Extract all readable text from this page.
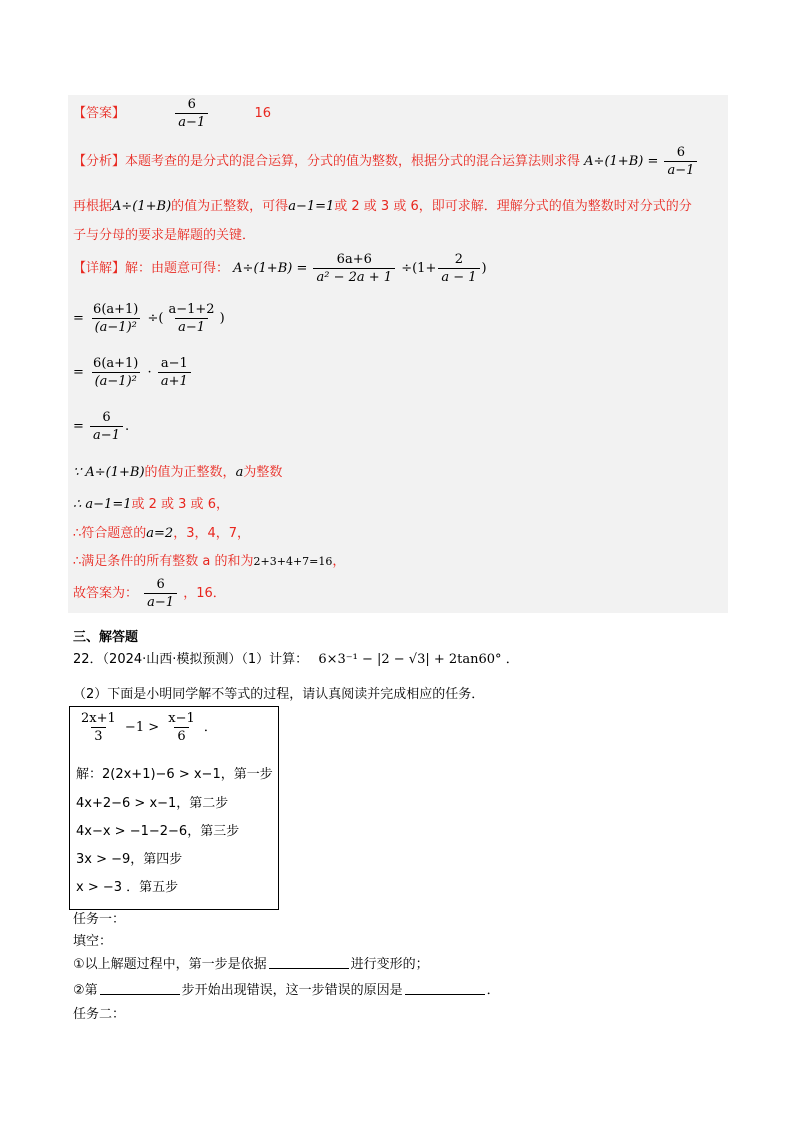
【答案】	$\frac{6}{a-1}$	16
【分析】本题考查的是分式的混合运算，分式的值为整数，根据分式的混合运算法则求得 $A\div(1+B) = \frac{6}{a-1}$
再根据A÷(1+B)的值为正整数，可得a−1=1或 2 或 3 或 6，即可求解．理解分式的值为整数时对分式的分
子与分母的要求是解题的关键．
【详解】解：由题意可得： $A\div(1+B) = \frac{6a+6}{\text{a² − 2a + 1}} \div(1+ \frac{2}{a - 1}$ )
= $\frac{6(a+1)}{\text{(a−1)²}}$ ÷( $\frac{a-1+2}{a-1}$ )
= $\frac{6(a+1)}{\text{(a−1)²}} \cdot \frac{a-1}{a+1}$
= $\frac{6}{a-1}$ .
∵ A÷(1+B)的值为正整数，a为整数
∴ a−1=1或 2 或 3 或 6，
∴符合题意的a=2，3，4，7，
∴满足条件的所有整数 a 的和为2+3+4+7=16，
故答案为： $\frac{6}{a-1}$ ，16．
三、解答题
22．（2024·山西·模拟预测）（1）计算： 6×3⁻¹ − |2 − √3| + 2tan60° ．
（2）下面是小明同学解不等式的过程，请认真阅读并完成相应的任务．
$\frac{2x+1}{3} -1 > \frac{x-1}{6}$ ．
解：2(2x+1)−6 > x−1，第一步
4x+2−6 > x−1，第二步
4x−x > −1−2−6，第三步
3x > −9，第四步
x > −3 ．第五步
任务一：
填空：
①以上解题过程中，第一步是依据	进行变形的；
②第	步开始出现错误，这一步错误的原因是	．
任务二：
